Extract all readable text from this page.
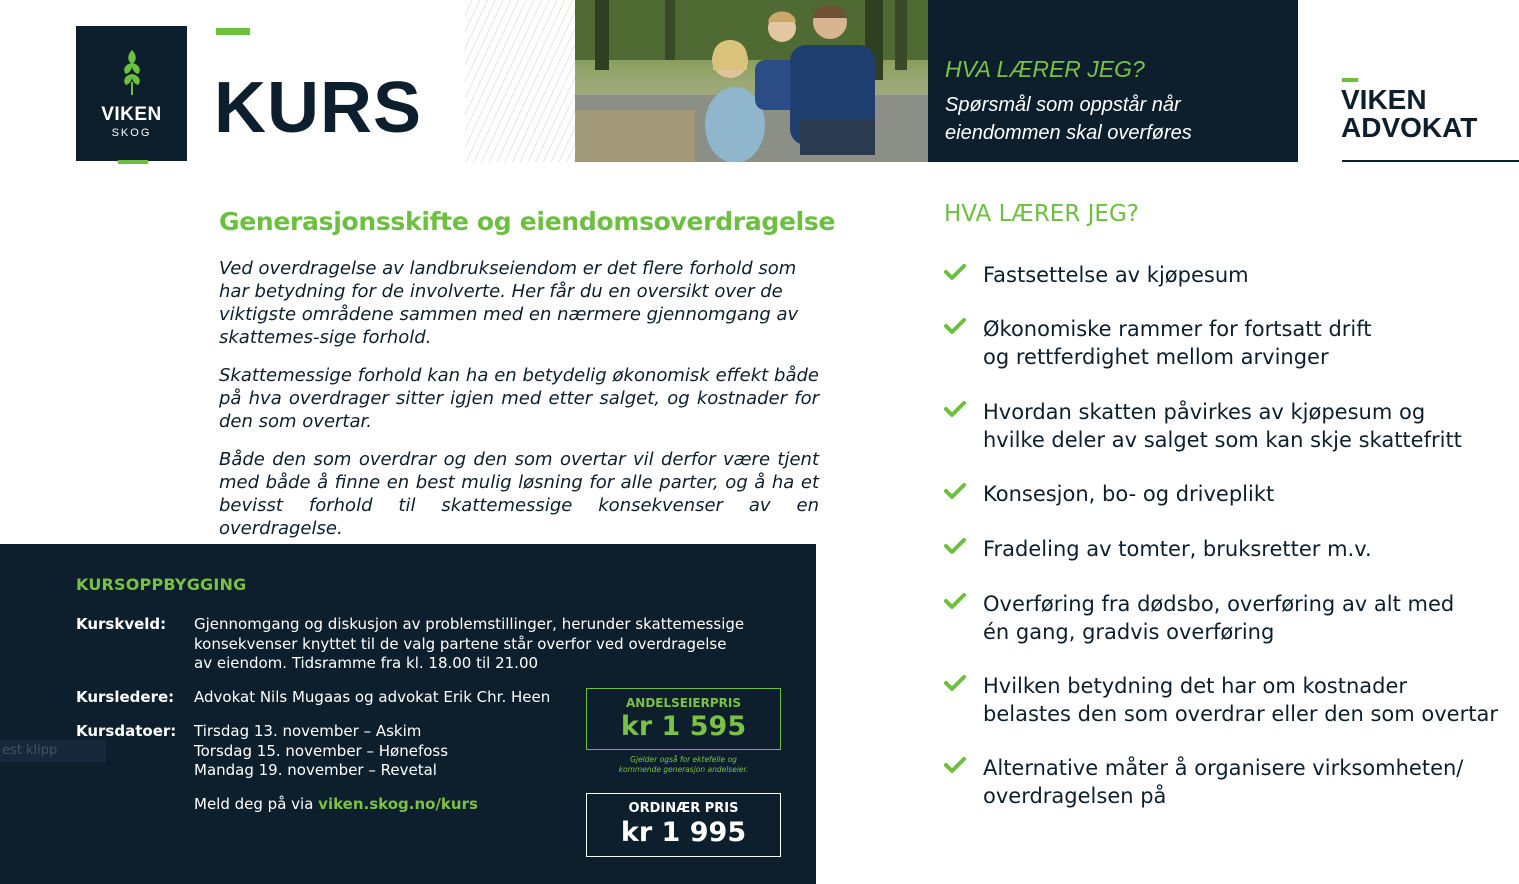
VIKEN
SKOG KURS	HVA LÆRER JEG?
Spørsmål som oppstår når eiendommen skal overføres
VIKEN
ADVOKAT
Generasjonsskifte og eiendomsoverdragelse

Ved overdragelse av landbrukseiendom er det flere forhold som har betydning for de involverte. Her får du en oversikt over de viktigste områdene sammen med en nærmere gjennomgang av skattemes-sige forhold.

Skattemessige forhold kan ha en betydelig økonomisk effekt både på hva overdrager sitter igjen med etter salget, og kostnader for den som overtar.

Både den som overdrar og den som overtar vil derfor være tjent med både å finne en best mulig løsning for alle parter, og å ha et bevisst forhold til skattemessige konsekvenser av en overdragelse.

HVA LÆRER JEG?
Fastsettelse av kjøpesum
Økonomiske rammer for fortsatt drift
og rettferdighet mellom arvinger
Hvordan skatten påvirkes av kjøpesum og
hvilke deler av salget som kan skje skattefritt
Konsesjon, bo- og driveplikt
Fradeling av tomter, bruksretter m.v.
Overføring fra dødsbo, overføring av alt med
én gang, gradvis overføring
Hvilken betydning det har om kostnader
belastes den som overdrar eller den som overtar
Alternative måter å organisere virksomheten/
overdragelsen på
KURSOPPBYGGING
Kurskveld: Gjennomgang og diskusjon av problemstillinger, herunder skattemessige
konsekvenser knyttet til de valg partene står overfor ved overdragelse
av eiendom. Tidsramme fra kl. 18.00 til 21.00
Kursledere: Advokat Nils Mugaas og advokat Erik Chr. Heen
Kursdatoer: Tirsdag 13. november – Askim
Torsdag 15. november – Hønefoss
Mandag 19. november – Revetal
Meld deg på via viken.skog.no/kurs
ANDELSEIERPRIS
kr 1 595
Gjelder også for ektefelle og
kommende generasjon andelseier.
ORDINÆR PRIS
kr 1 995
est klipp
